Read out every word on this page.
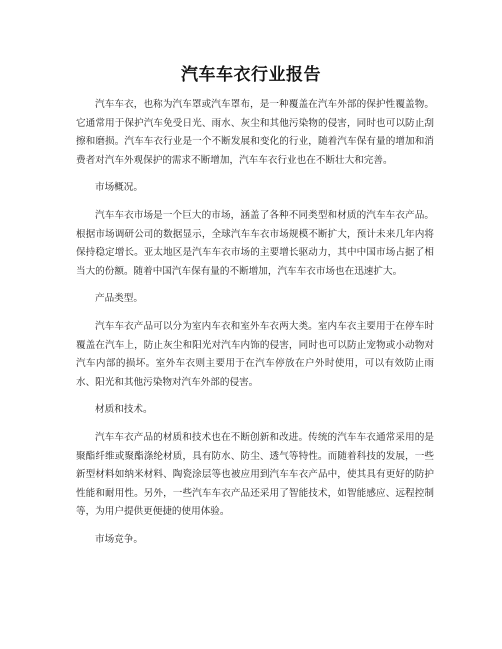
汽车车衣行业报告

汽车车衣，也称为汽车罩或汽车罩布，是一种覆盖在汽车外部的保护性覆盖物。它通常用于保护汽车免受日光、雨水、灰尘和其他污染物的侵害，同时也可以防止刮擦和磨损。汽车车衣行业是一个不断发展和变化的行业，随着汽车保有量的增加和消费者对汽车外观保护的需求不断增加，汽车车衣行业也在不断壮大和完善。

市场概况。

汽车车衣市场是一个巨大的市场，涵盖了各种不同类型和材质的汽车车衣产品。根据市场调研公司的数据显示，全球汽车车衣市场规模不断扩大，预计未来几年内将保持稳定增长。亚太地区是汽车车衣市场的主要增长驱动力，其中中国市场占据了相当大的份额。随着中国汽车保有量的不断增加，汽车车衣市场也在迅速扩大。

产品类型。

汽车车衣产品可以分为室内车衣和室外车衣两大类。室内车衣主要用于在停车时覆盖在汽车上，防止灰尘和阳光对汽车内饰的侵害，同时也可以防止宠物或小动物对汽车内部的损坏。室外车衣则主要用于在汽车停放在户外时使用，可以有效防止雨水、阳光和其他污染物对汽车外部的侵害。

材质和技术。

汽车车衣产品的材质和技术也在不断创新和改进。传统的汽车车衣通常采用的是聚酯纤维或聚酯涤纶材质，具有防水、防尘、透气等特性。而随着科技的发展，一些新型材料如纳米材料、陶瓷涂层等也被应用到汽车车衣产品中，使其具有更好的防护性能和耐用性。另外，一些汽车车衣产品还采用了智能技术，如智能感应、远程控制等，为用户提供更便捷的使用体验。

市场竞争。
